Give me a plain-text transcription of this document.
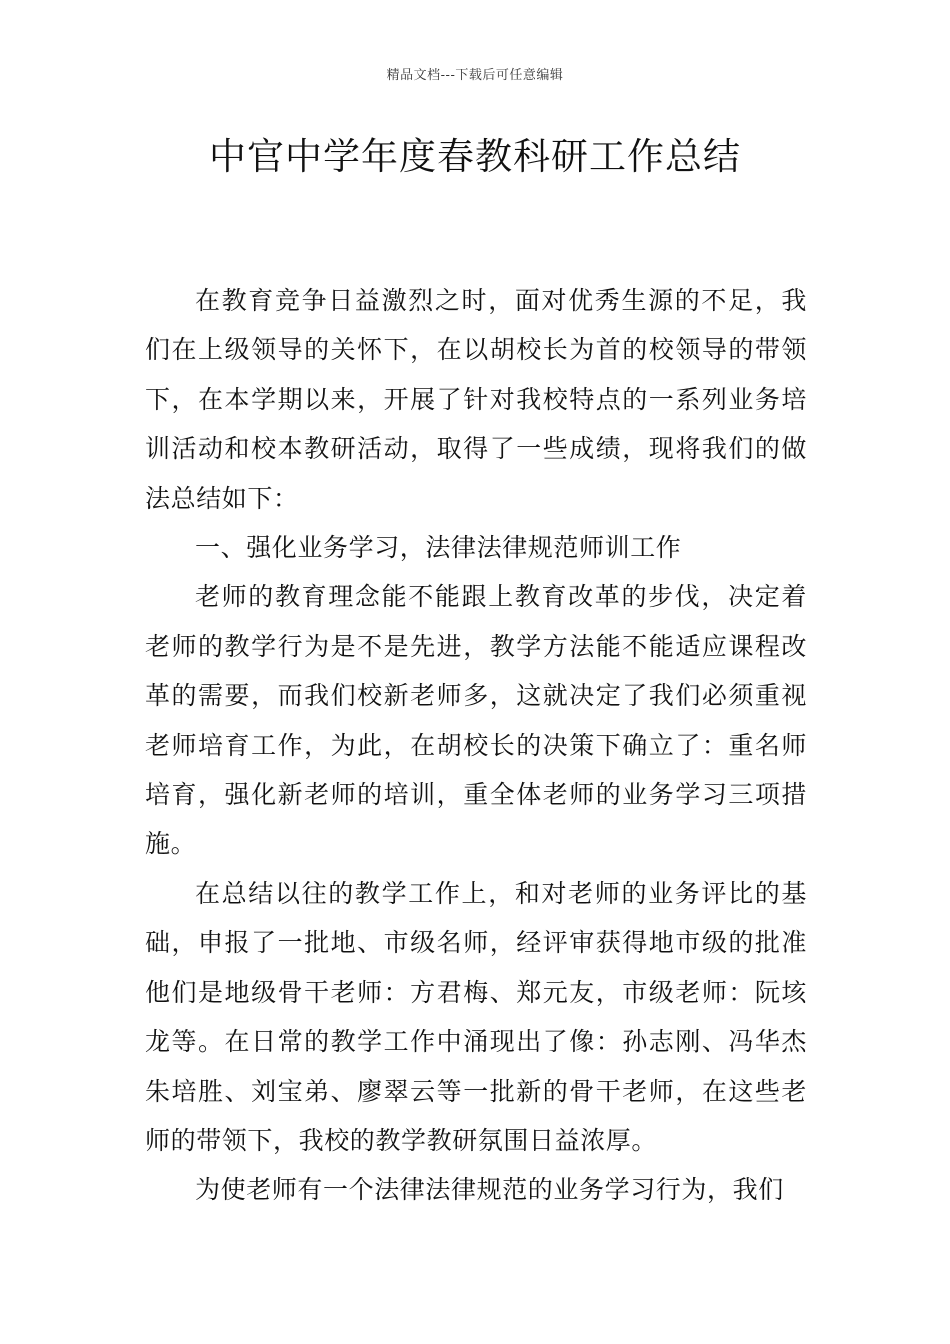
精品文档---下载后可任意编辑
中官中学年度春教科研工作总结

在教育竞争日益激烈之时，面对优秀生源的不足，我们在上级领导的关怀下，在以胡校长为首的校领导的带领下，在本学期以来，开展了针对我校特点的一系列业务培训活动和校本教研活动，取得了一些成绩，现将我们的做法总结如下：

一、强化业务学习，法律法律规范师训工作

老师的教育理念能不能跟上教育改革的步伐，决定着老师的教学行为是不是先进，教学方法能不能适应课程改革的需要，而我们校新老师多，这就决定了我们必须重视老师培育工作，为此，在胡校长的决策下确立了：重名师培育，强化新老师的培训，重全体老师的业务学习三项措施。

在总结以往的教学工作上，和对老师的业务评比的基础，申报了一批地、市级名师，经评审获得地市级的批准他们是地级骨干老师：方君梅、郑元友，市级老师：阮垓龙等。在日常的教学工作中涌现出了像：孙志刚、冯华杰朱培胜、刘宝弟、廖翠云等一批新的骨干老师，在这些老师的带领下，我校的教学教研氛围日益浓厚。

为使老师有一个法律法律规范的业务学习行为，我们
